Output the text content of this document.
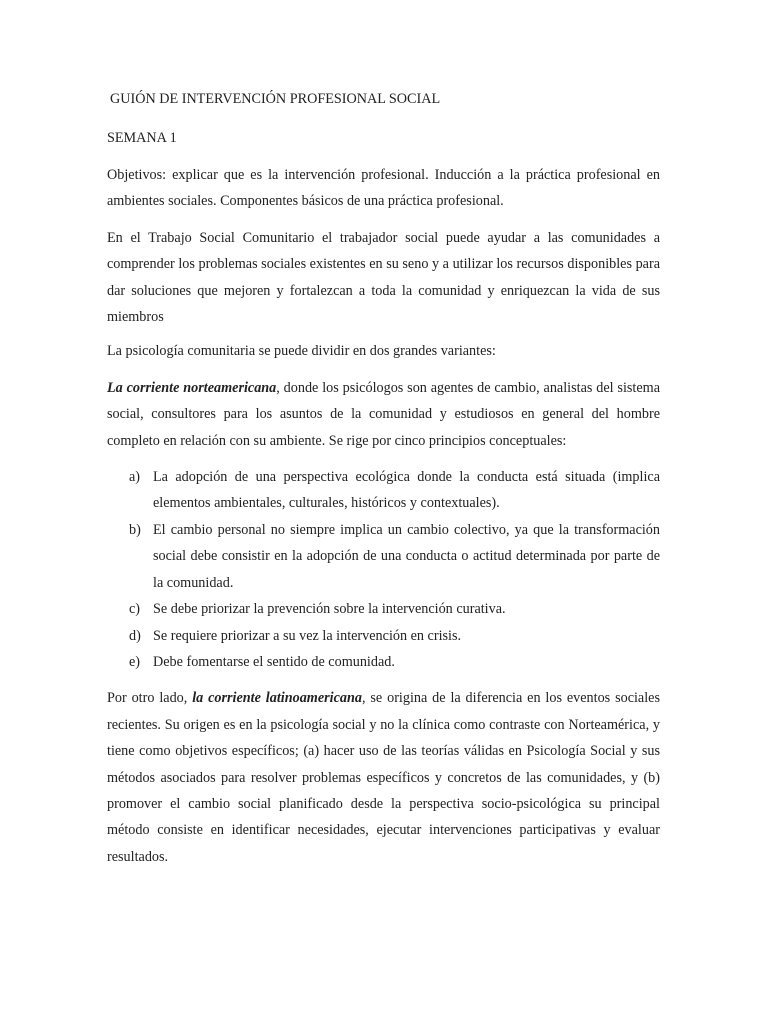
GUIÓN DE INTERVENCIÓN PROFESIONAL SOCIAL
SEMANA 1

Objetivos: explicar que es la intervención profesional. Inducción a la práctica profesional en ambientes sociales. Componentes básicos de una práctica profesional.

En el Trabajo Social Comunitario el trabajador social puede ayudar a las comunidades a comprender los problemas sociales existentes en su seno y a utilizar los recursos disponibles para dar soluciones que mejoren y fortalezcan a toda la comunidad y enriquezcan la vida de sus miembros

La psicología comunitaria se puede dividir en dos grandes variantes:

La corriente norteamericana, donde los psicólogos son agentes de cambio, analistas del sistema social, consultores para los asuntos de la comunidad y estudiosos en general del hombre completo en relación con su ambiente. Se rige por cinco principios conceptuales:

a) La adopción de una perspectiva ecológica donde la conducta está situada (implica elementos ambientales, culturales, históricos y contextuales).
b) El cambio personal no siempre implica un cambio colectivo, ya que la transformación social debe consistir en la adopción de una conducta o actitud determinada por parte de la comunidad.
c) Se debe priorizar la prevención sobre la intervención curativa.
d) Se requiere priorizar a su vez la intervención en crisis.
e) Debe fomentarse el sentido de comunidad.

Por otro lado, la corriente latinoamericana, se origina de la diferencia en los eventos sociales recientes. Su origen es en la psicología social y no la clínica como contraste con Norteamérica, y tiene como objetivos específicos; (a) hacer uso de las teorías válidas en Psicología Social y sus métodos asociados para resolver problemas específicos y concretos de las comunidades, y (b) promover el cambio social planificado desde la perspectiva socio-psicológica su principal método consiste en identificar necesidades, ejecutar intervenciones participativas y evaluar resultados.
